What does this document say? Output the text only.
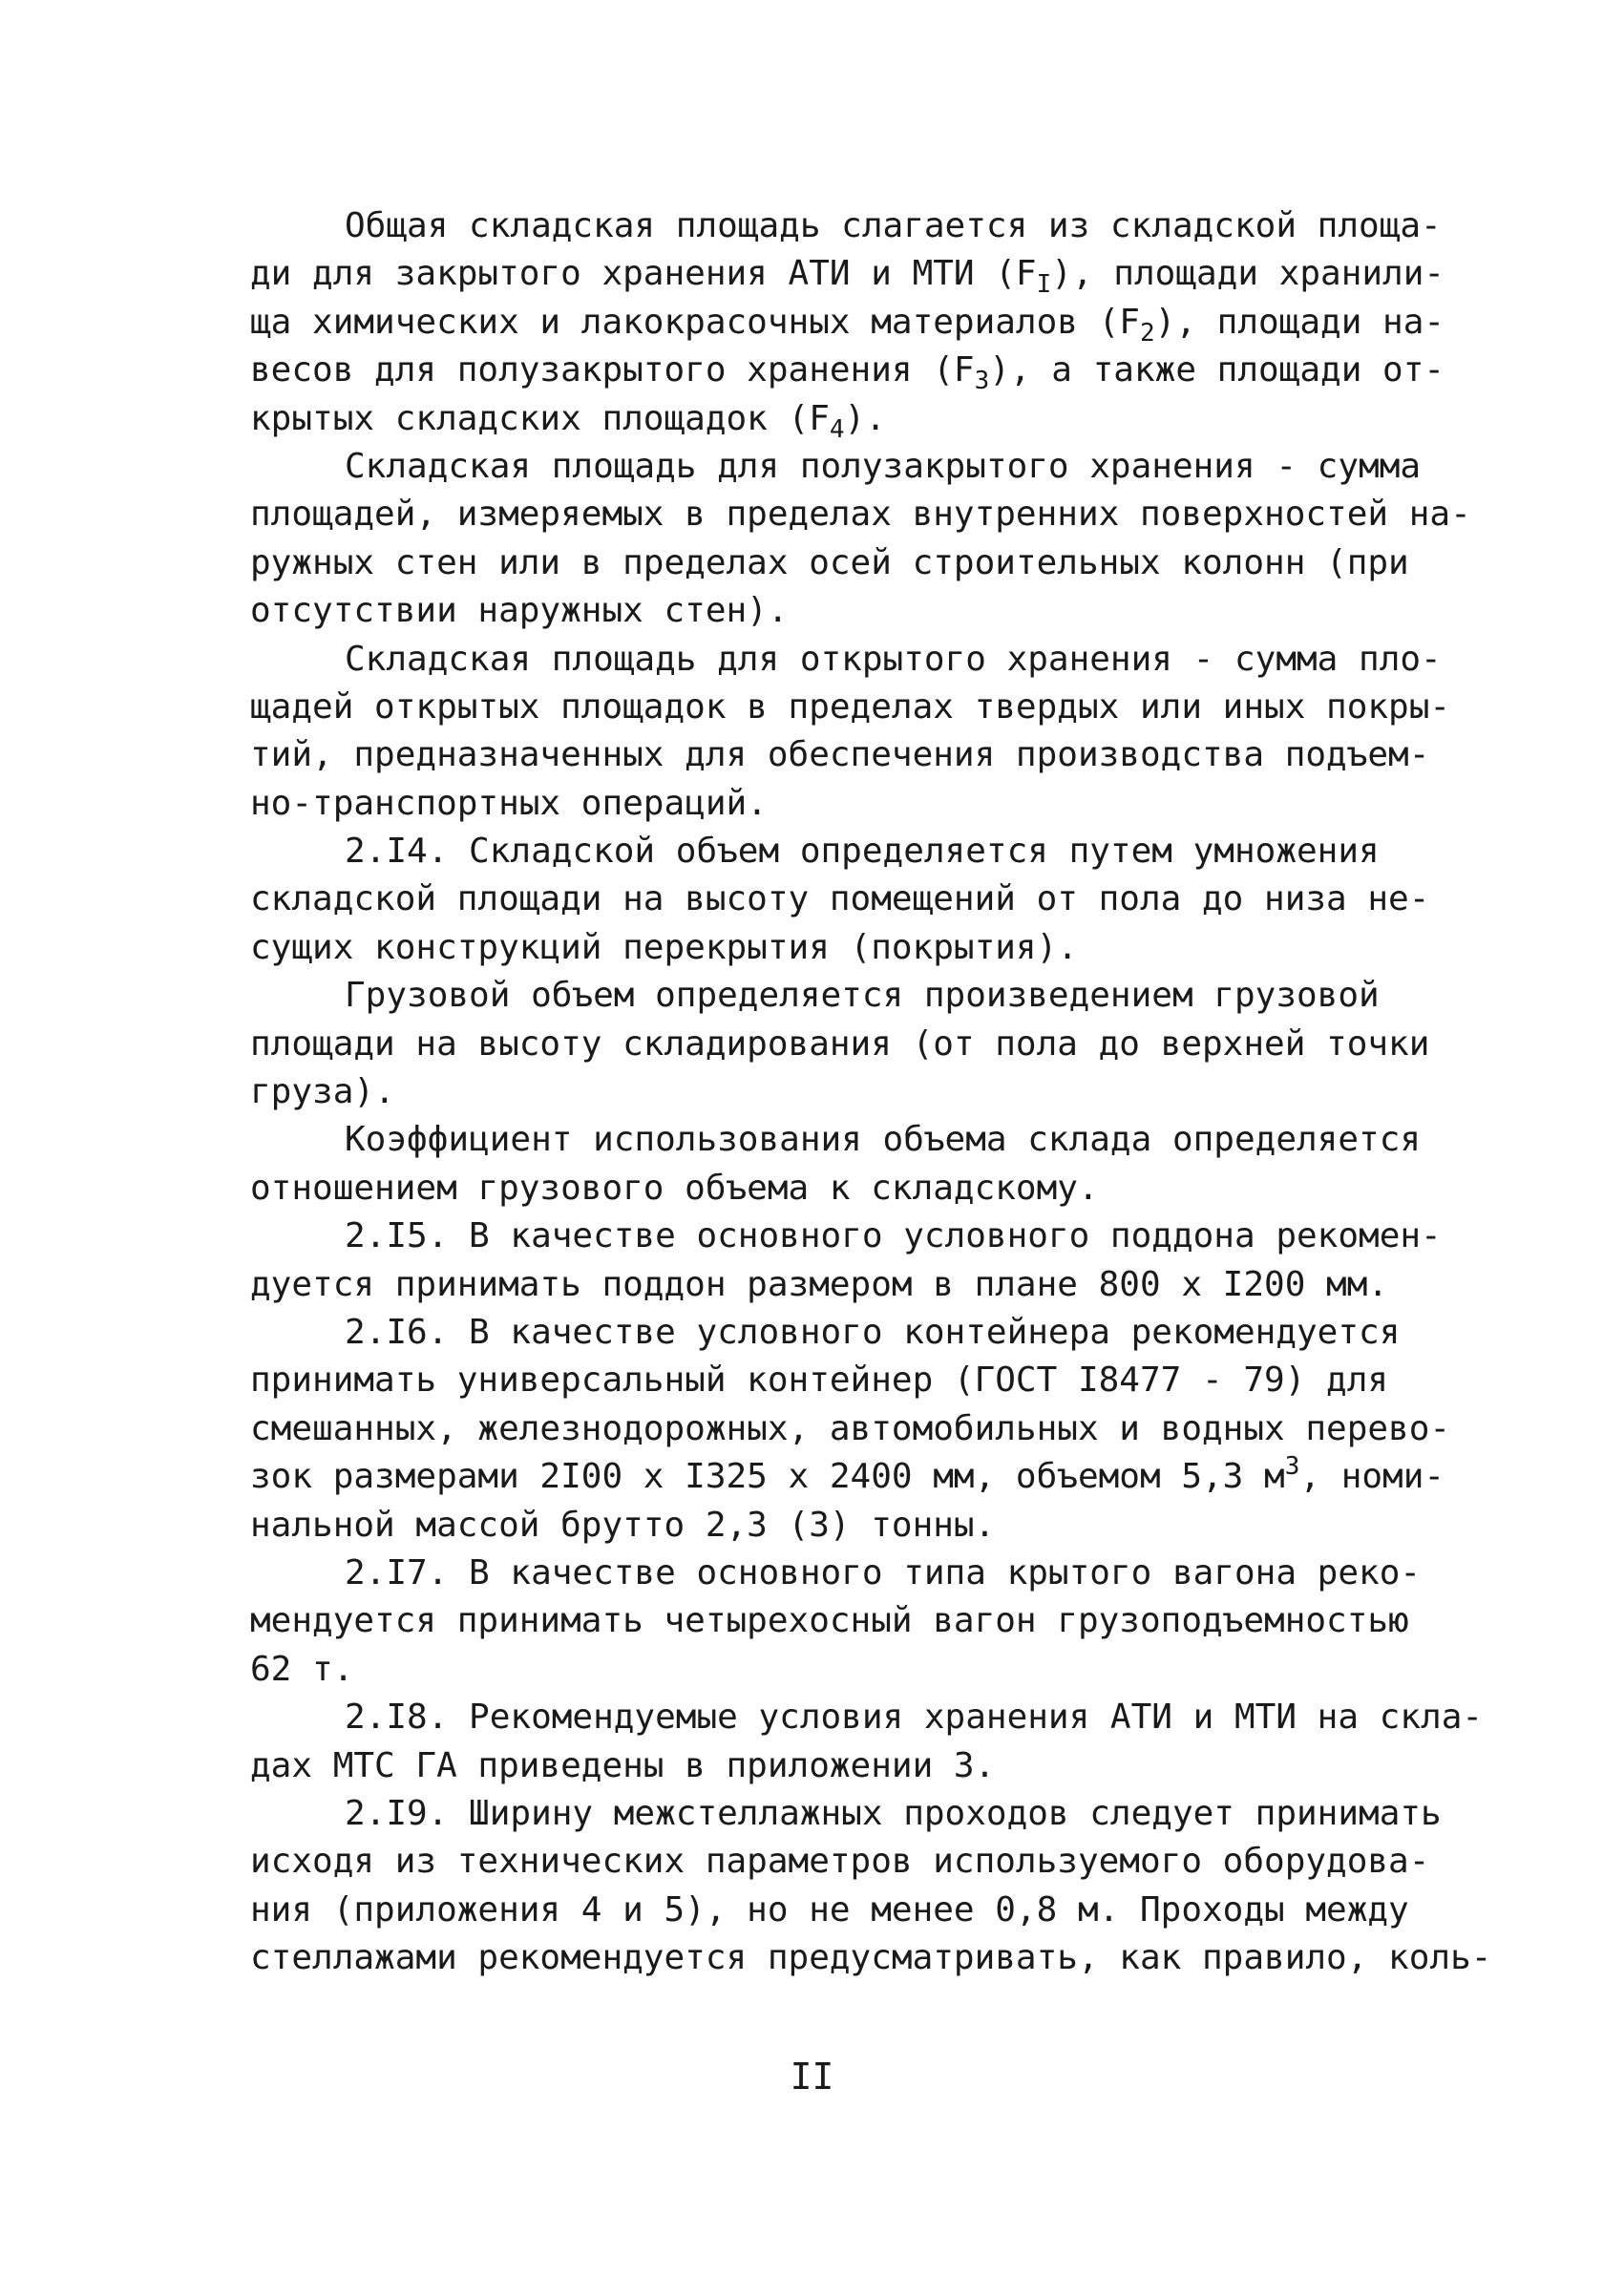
Общая складская площадь слагается из складской площа-
ди для закрытого хранения АТИ и МТИ $(F_I)$, площади хранили-
ща химических и лакокрасочных материалов $(F_2)$, площади на-
весов для полузакрытого хранения $(F_3)$, а также площади от-
крытых складских площадок $(F_4)$.
Складская площадь для полузакрытого хранения - сумма
площадей, измеряемых в пределах внутренних поверхностей на-
ружных стен или в пределах осей строительных колонн (при
отсутствии наружных стен).
Складская площадь для открытого хранения - сумма пло-
щадей открытых площадок в пределах твердых или иных покры-
тий, предназначенных для обеспечения производства подъем-
но-транспортных операций.
2.I4. Складской объем определяется путем умножения
складской площади на высоту помещений от пола до низа не-
сущих конструкций перекрытия (покрытия).
Грузовой объем определяется произведением грузовой
площади на высоту складирования (от пола до верхней точки
груза).
Коэффициент использования объема склада определяется
отношением грузового объема к складскому.
2.I5. В качестве основного условного поддона рекомен-
дуется принимать поддон размером в плане 800 х I200 мм.
2.I6. В качестве условного контейнера рекомендуется
принимать универсальный контейнер (ГОСТ I8477 - 79) для
смешанных, железнодорожных, автомобильных и водных перево-
зок размерами 2I00 х I325 х 2400 мм, объемом 5,3 $м^3$, номи-
нальной массой брутто 2,3 (3) тонны.
2.I7. В качестве основного типа крытого вагона реко-
мендуется принимать четырехосный вагон грузоподъемностью
62 т.
2.I8. Рекомендуемые условия хранения АТИ и МТИ на скла-
дах МТС ГА приведены в приложении 3.
2.I9. Ширину межстеллажных проходов следует принимать
исходя из технических параметров используемого оборудова-
ния (приложения 4 и 5), но не менее 0,8 м. Проходы между
стеллажами рекомендуется предусматривать, как правило, коль-
II
